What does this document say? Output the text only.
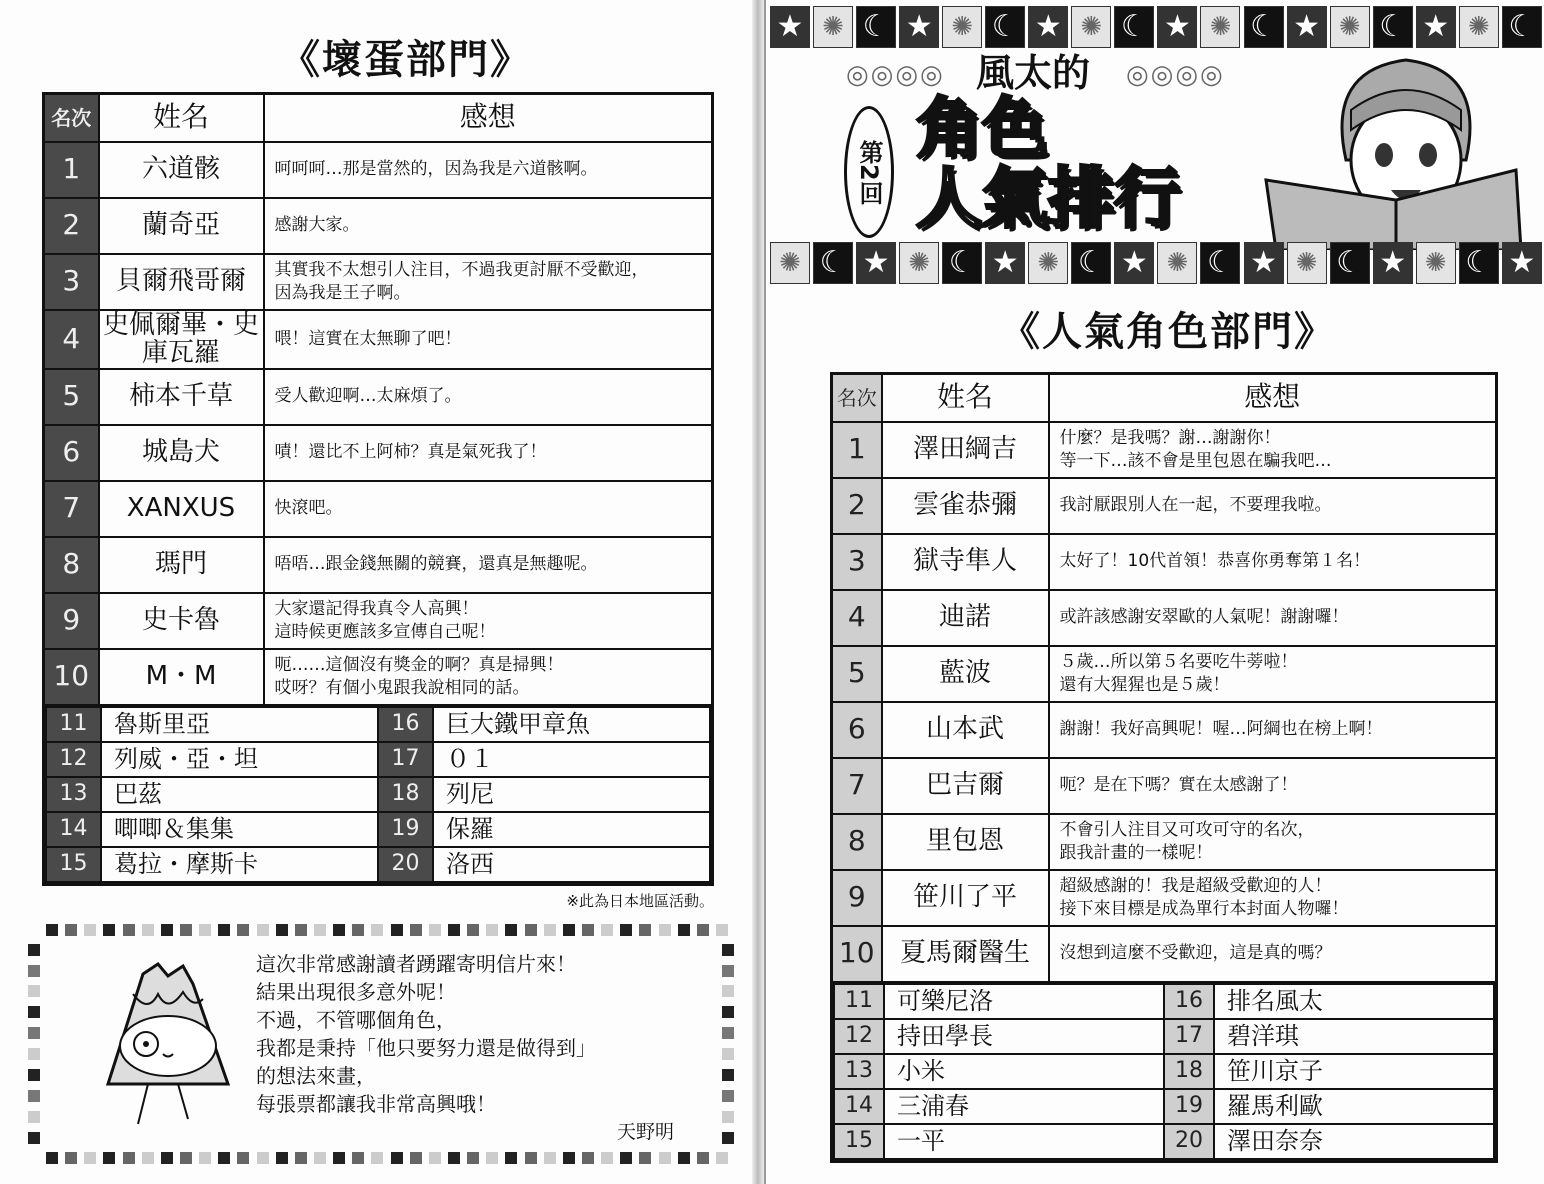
《壞蛋部門》
名次	姓名	感想
1	六道骸	呵呵呵…那是當然的，因為我是六道骸啊。

2	蘭奇亞	感謝大家。

3	貝爾飛哥爾	其實我不太想引人注目，不過我更討厭不受歡迎，
因為我是王子啊。

4	史佩爾畢・史庫瓦羅	喂！這實在太無聊了吧！

5	柿本千草	受人歡迎啊…太麻煩了。

6	城島犬	嘖！還比不上阿柿？真是氣死我了！

7	XANXUS	快滾吧。

8	瑪門	唔唔…跟金錢無關的競賽，還真是無趣呢。

9	史卡魯	大家還記得我真令人高興！
這時候更應該多宣傳自己呢！

10	M・M	呃……這個沒有獎金的啊？真是掃興！
哎呀？有個小鬼跟我說相同的話。

11	魯斯里亞	16	巨大鐵甲章魚
12	列威・亞・坦	17	０１
13	巴茲	18	列尼
14	唧唧＆集集	19	保羅
15	葛拉・摩斯卡	20	洛西
※此為日本地區活動。
這次非常感謝讀者踴躍寄明信片來！
結果出現很多意外呢！
不過，不管哪個角色，
我都是秉持「他只要努力還是做得到」
的想法來畫，
每張票都讓我非常高興哦！
天野明
★ ✺ ☾ ★ ✺ ☾ ★ ✺ ☾ ★ ✺ ☾ ★ ✺ ☾ ★ ✺ ☾
◎◎◎◎	◎◎◎◎
風太的
第2回
角色
人氣排行
✺ ☾ ★ ✺ ☾ ★ ✺ ☾ ★ ✺ ☾ ★ ✺ ☾ ★ ✺ ☾ ★
《人氣角色部門》
名次	姓名	感想
1	澤田綱吉	什麼？是我嗎？謝…謝謝你！
等一下…該不會是里包恩在騙我吧…

2	雲雀恭彌	我討厭跟別人在一起，不要理我啦。

3	獄寺隼人	太好了！10代首領！恭喜你勇奪第１名！

4	迪諾	或許該感謝安翠歐的人氣呢！謝謝囉！

5	藍波	５歲…所以第５名要吃牛蒡啦！
還有大猩猩也是５歲！

6	山本武	謝謝！我好高興呢！喔…阿綱也在榜上啊！

7	巴吉爾	呃？是在下嗎？實在太感謝了！

8	里包恩	不會引人注目又可攻可守的名次，
跟我計畫的一樣呢！

9	笹川了平	超級感謝的！我是超級受歡迎的人！
接下來目標是成為單行本封面人物囉！

10	夏馬爾醫生	沒想到這麼不受歡迎，這是真的嗎？

11	可樂尼洛	16	排名風太
12	持田學長	17	碧洋琪
13	小米	18	笹川京子
14	三浦春	19	羅馬利歐
15	一平	20	澤田奈奈
